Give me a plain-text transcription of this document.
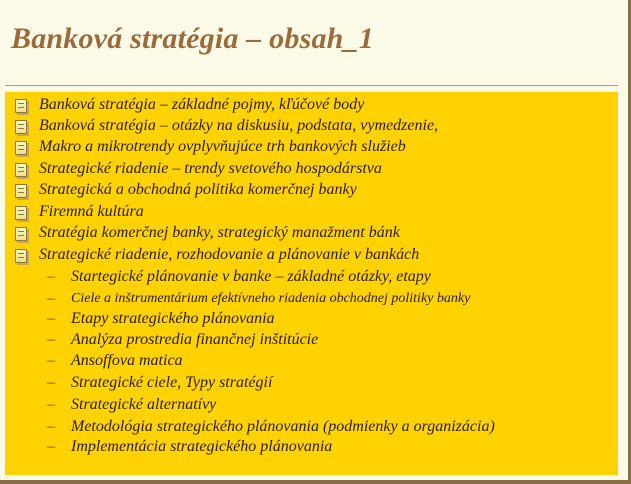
Banková stratégia – obsah_1
Banková stratégia – základné pojmy, kľúčové body
Banková stratégia – otázky na diskusiu, podstata, vymedzenie,
Makro a mikrotrendy ovplyvňujúce trh bankových služieb
Strategické riadenie – trendy svetového hospodárstva
Strategická a obchodná politika komerčnej banky
Firemná kultúra
Stratégia komerčnej banky, strategický manažment bánk
Strategické riadenie, rozhodovanie a plánovanie v bankách
– Startegické plánovanie v banke – základné otázky, etapy
– Ciele a inštrumentárium efektívneho riadenia obchodnej politiky banky
– Etapy strategického plánovania
– Analýza prostredia finančnej inštitúcie
– Ansoffova matica
– Strategické ciele, Typy stratégií
– Strategické alternatívy
– Metodológia strategického plánovania (podmienky a organizácia)
– Implementácia strategického plánovania
